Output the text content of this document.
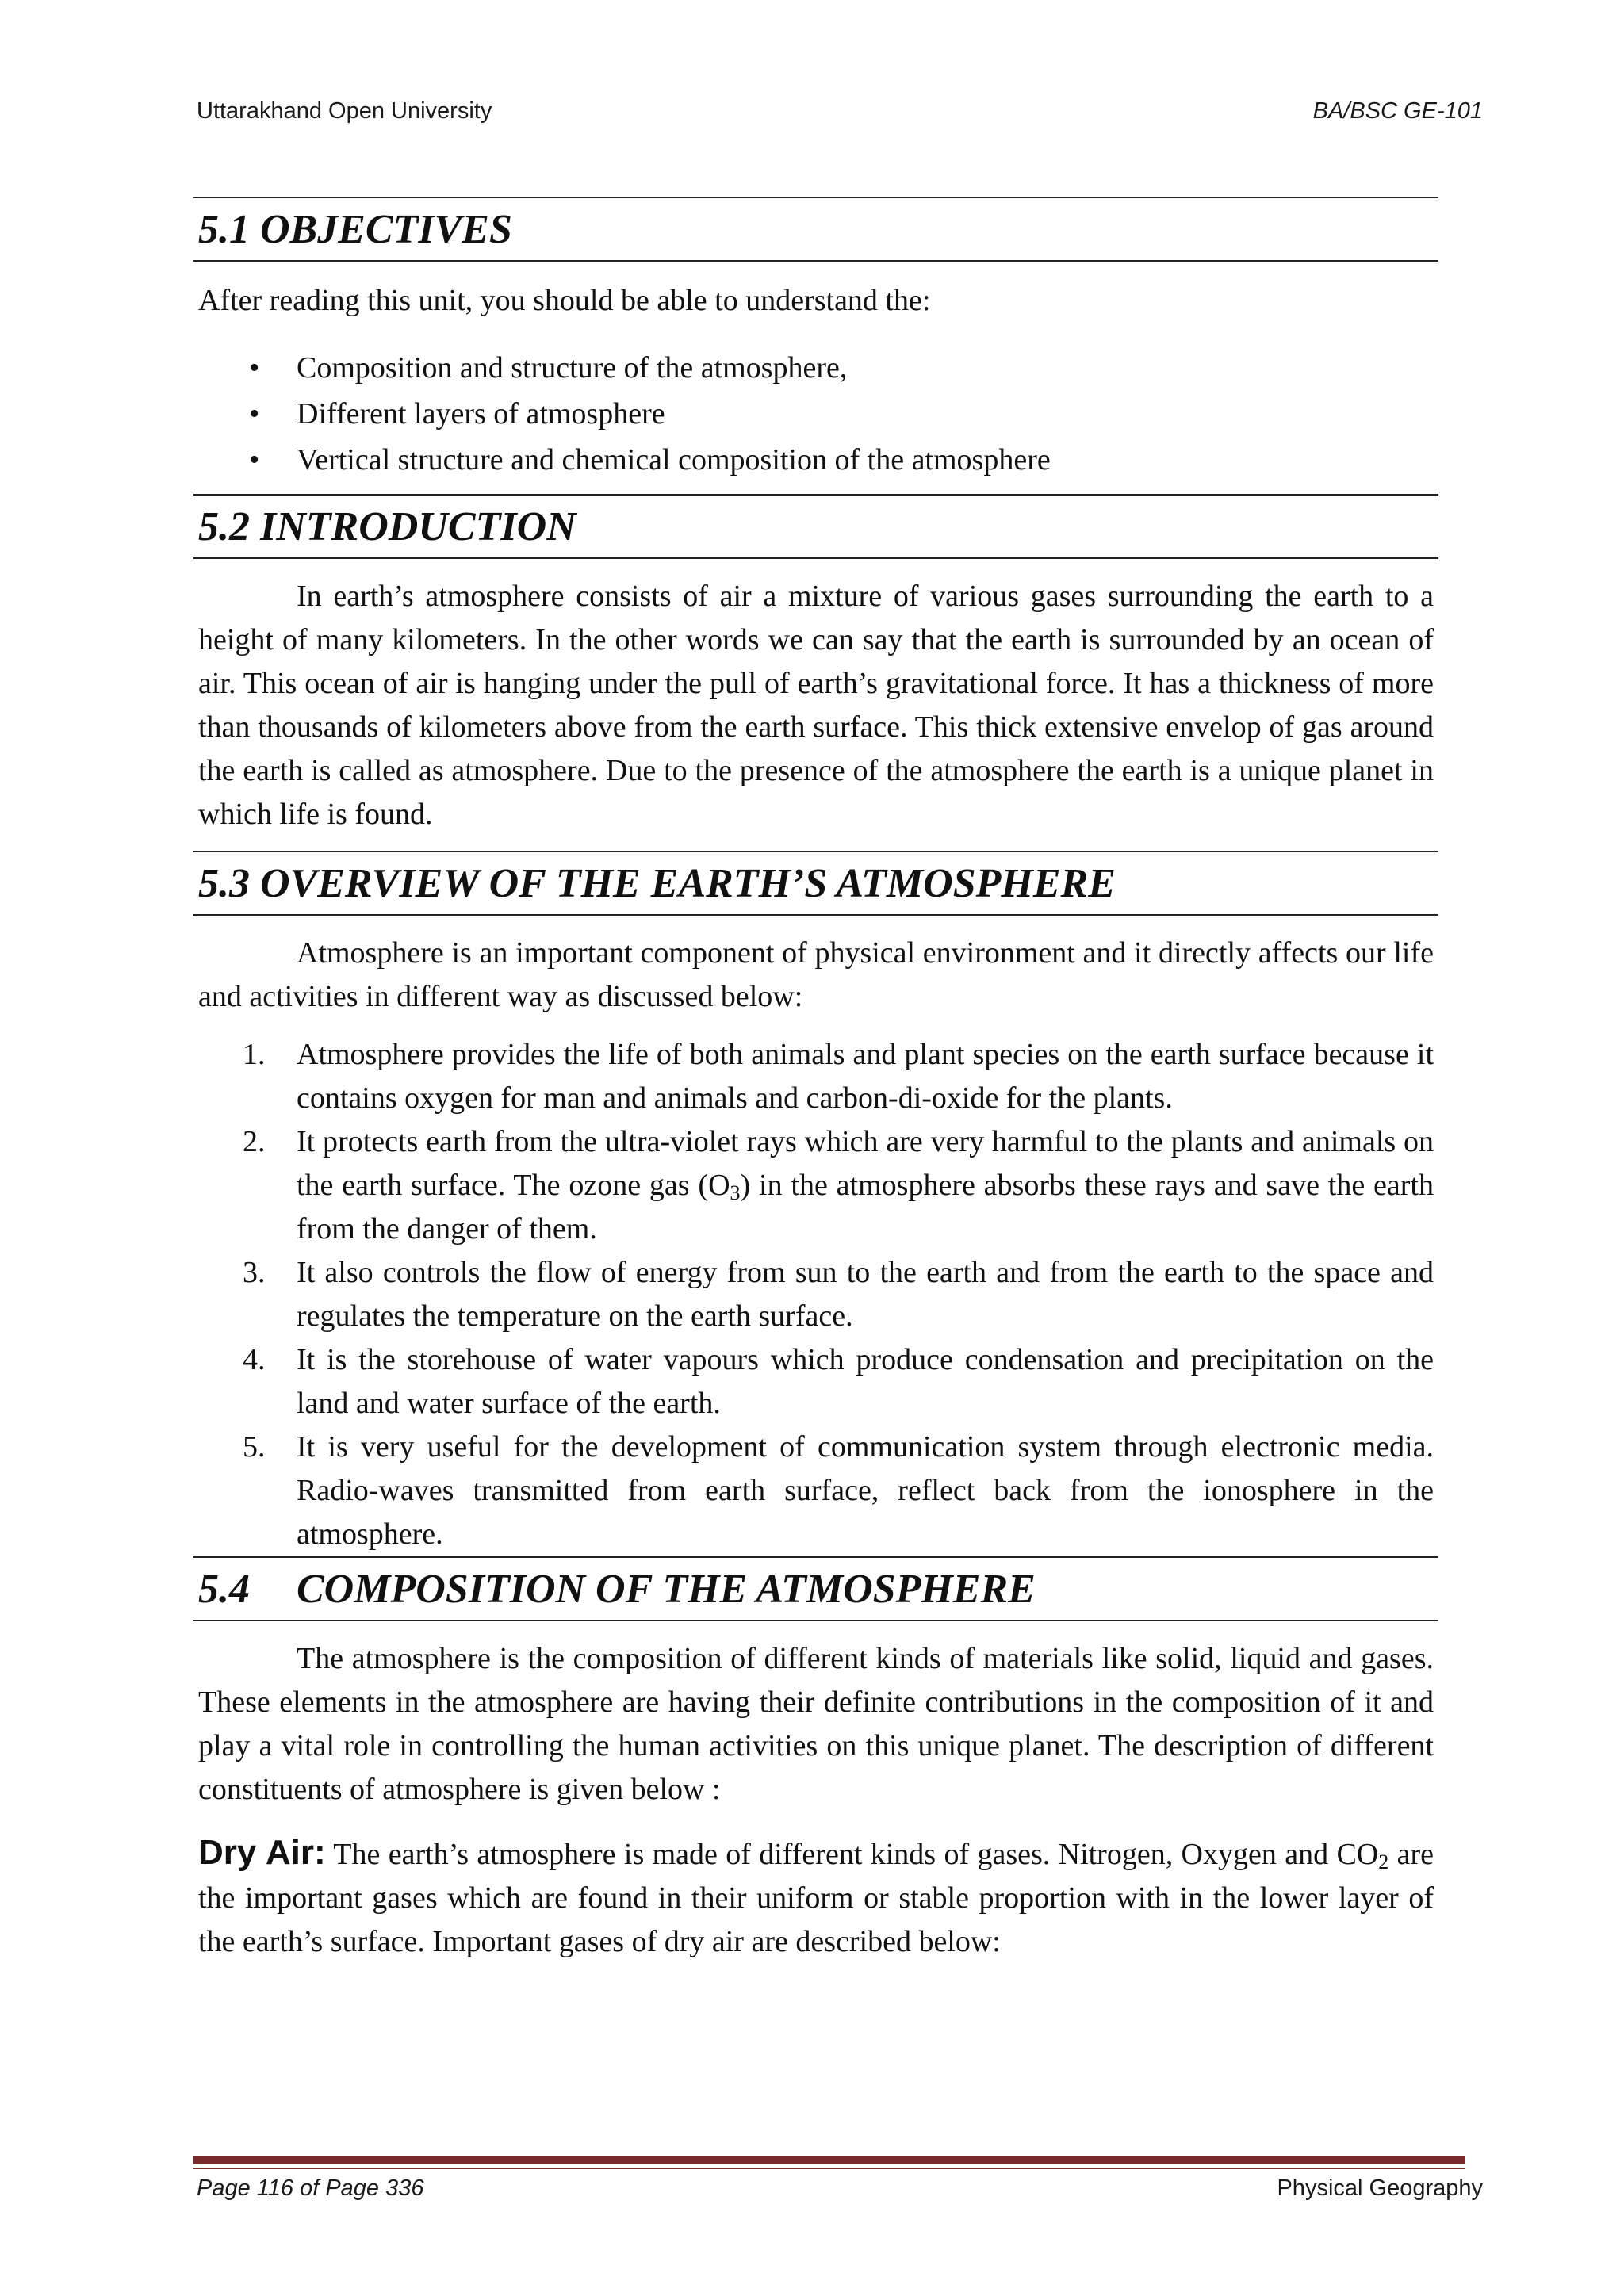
Uttarakhand Open University	BA/BSC GE-101
5.1 OBJECTIVES

After reading this unit, you should be able to understand the:

• Composition and structure of the atmosphere,
• Different layers of atmosphere
• Vertical structure and chemical composition of the atmosphere
5.2 INTRODUCTION

In earth’s atmosphere consists of air a mixture of various gases surrounding the earth to a height of many kilometers. In the other words we can say that the earth is surrounded by an ocean of air. This ocean of air is hanging under the pull of earth’s gravitational force. It has a thickness of more than thousands of kilometers above from the earth surface. This thick extensive envelop of gas around the earth is called as atmosphere. Due to the presence of the atmosphere the earth is a unique planet in which life is found.

5.3 OVERVIEW OF THE EARTH’S ATMOSPHERE

Atmosphere is an important component of physical environment and it directly affects our life and activities in different way as discussed below:

1. Atmosphere provides the life of both animals and plant species on the earth surface because it contains oxygen for man and animals and carbon-di-oxide for the plants.
2. It protects earth from the ultra-violet rays which are very harmful to the plants and animals on the earth surface. The ozone gas $(O_3)$ in the atmosphere absorbs these rays and save the earth from the danger of them.
3. It also controls the flow of energy from sun to the earth and from the earth to the space and regulates the temperature on the earth surface.
4. It is the storehouse of water vapours which produce condensation and precipitation on the land and water surface of the earth.
5. It is very useful for the development of communication system through electronic media. Radio-waves transmitted from earth surface, reflect back from the ionosphere in the atmosphere.
5.4 COMPOSITION OF THE ATMOSPHERE

The atmosphere is the composition of different kinds of materials like solid, liquid and gases. These elements in the atmosphere are having their definite contributions in the composition of it and play a vital role in controlling the human activities on this unique planet. The description of different constituents of atmosphere is given below :

Dry Air: The earth’s atmosphere is made of different kinds of gases. Nitrogen, Oxygen and $CO_2$ are the important gases which are found in their uniform or stable proportion with in the lower layer of the earth’s surface. Important gases of dry air are described below:

Page 116 of Page 336	Physical Geography
